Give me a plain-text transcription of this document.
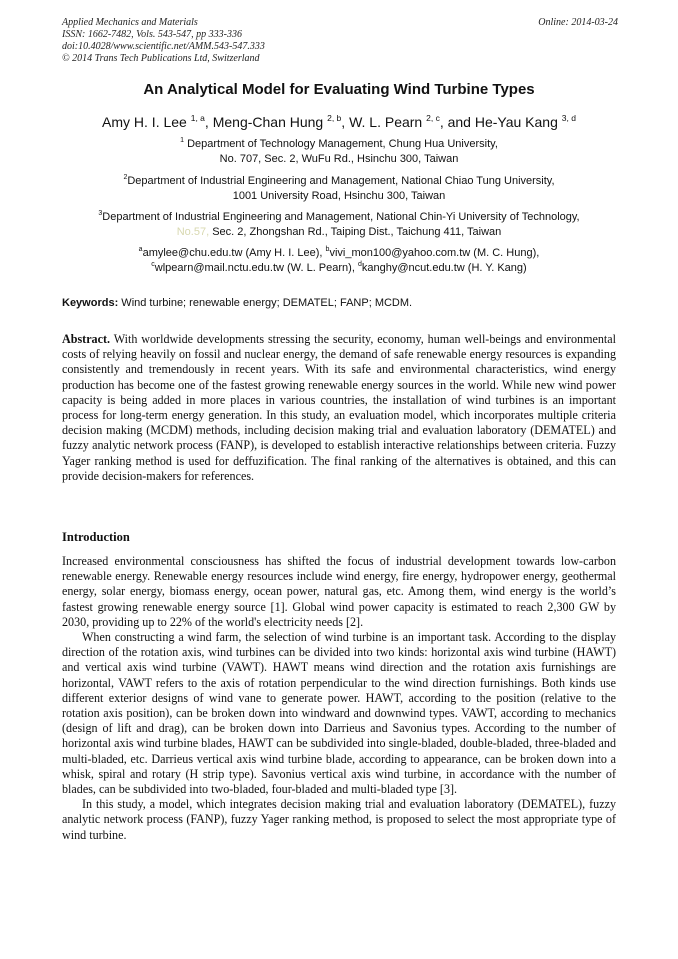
Applied Mechanics and Materials
ISSN: 1662-7482, Vols. 543-547, pp 333-336
doi:10.4028/www.scientific.net/AMM.543-547.333
© 2014 Trans Tech Publications Ltd, Switzerland
Online: 2014-03-24
An Analytical Model for Evaluating Wind Turbine Types
Amy H. I. Lee $^{1, a}$, Meng-Chan Hung $^{2, b}$, W. L. Pearn $^{2, c}$, and He-Yau Kang $^{3, d}$
$^1$ Department of Technology Management, Chung Hua University,
No. 707, Sec. 2, WuFu Rd., Hsinchu 300, Taiwan
$^2$Department of Industrial Engineering and Management, National Chiao Tung University,
1001 University Road, Hsinchu 300, Taiwan
$^3$Department of Industrial Engineering and Management, National Chin-Yi University of Technology,
No.57, Sec. 2, Zhongshan Rd., Taiping Dist., Taichung 411, Taiwan
$^a$amylee@chu.edu.tw (Amy H. I. Lee), $^b$vivi_mon100@yahoo.com.tw (M. C. Hung),
$^c$wlpearn@mail.nctu.edu.tw (W. L. Pearn), $^d$kanghy@ncut.edu.tw (H. Y. Kang)
Keywords: Wind turbine; renewable energy; DEMATEL; FANP; MCDM.

Abstract. With worldwide developments stressing the security, economy, human well-beings and environmental costs of relying heavily on fossil and nuclear energy, the demand of safe renewable energy resources is expanding consistently and tremendously in recent years. With its safe and environmental characteristics, wind energy production has become one of the fastest growing renewable energy sources in the world. While new wind power capacity is being added in more places in various countries, the installation of wind turbines is an important process for long-term energy generation. In this study, an evaluation model, which incorporates multiple criteria decision making (MCDM) methods, including decision making trial and evaluation laboratory (DEMATEL) and fuzzy analytic network process (FANP), is developed to establish interactive relationships between criteria. Fuzzy Yager ranking method is used for deffuzification. The final ranking of the alternatives is obtained, and this can provide decision-makers for references.

Introduction

Increased environmental consciousness has shifted the focus of industrial development towards low-carbon renewable energy. Renewable energy resources include wind energy, fire energy, hydropower energy, geothermal energy, solar energy, biomass energy, ocean power, natural gas, etc. Among them, wind energy is the world’s fastest growing renewable energy source [1]. Global wind power capacity is estimated to reach 2,300 GW by 2030, providing up to 22% of the world's electricity needs [2].

When constructing a wind farm, the selection of wind turbine is an important task. According to the display direction of the rotation axis, wind turbines can be divided into two kinds: horizontal axis wind turbine (HAWT) and vertical axis wind turbine (VAWT). HAWT means wind direction and the rotation axis furnishings are horizontal, VAWT refers to the axis of rotation perpendicular to the wind direction furnishings. Both kinds use different exterior designs of wind vane to generate power. HAWT, according to the position (relative to the rotation axis position), can be broken down into windward and downwind types. VAWT, according to mechanics (design of lift and drag), can be broken down into Darrieus and Savonius types. According to the number of horizontal axis wind turbine blades, HAWT can be subdivided into single-bladed, double-bladed, three-bladed and multi-bladed, etc. Darrieus vertical axis wind turbine blade, according to appearance, can be broken down into a whisk, spiral and rotary (H strip type). Savonius vertical axis wind turbine, in accordance with the number of blades, can be subdivided into two-bladed, four-bladed and multi-bladed type [3].

In this study, a model, which integrates decision making trial and evaluation laboratory (DEMATEL), fuzzy analytic network process (FANP), fuzzy Yager ranking method, is proposed to select the most appropriate type of wind turbine.
